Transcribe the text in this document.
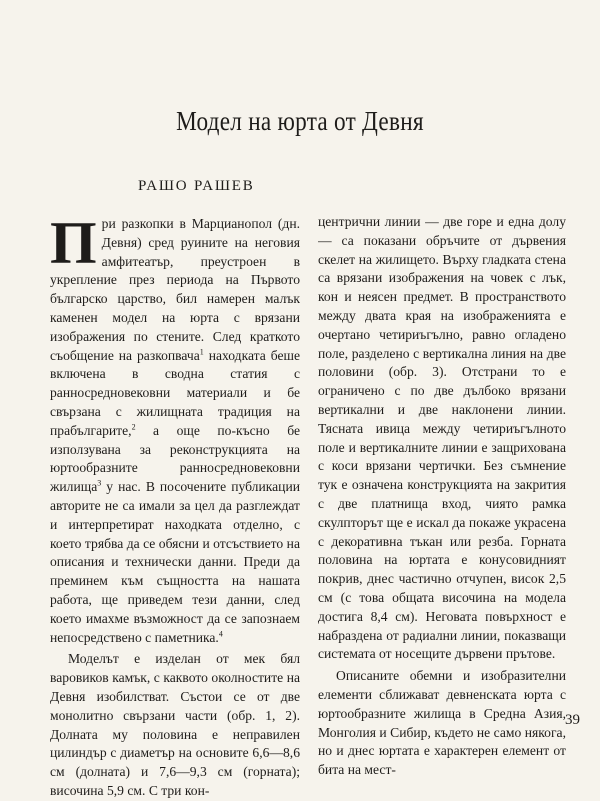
Модел на юрта от Девня
РАШО РАШЕВ

При разкопки в Марцианопол (дн. Девня) сред руините на неговия амфитеатър, преустроен в укрепление през периода на Първото българско царство, бил намерен малък каменен модел на юрта с врязани изображения по стените. След краткото съобщение на разкопвача$^1$ находката беше включена в сводна статия с ранносредновековни материали и бе свързана с жилищната традиция на прабългарите,$^2$ а още по-късно бе използувана за реконструкцията на юртообразните ранносредновековни жилища$^3$ у нас. В посочените публикации авторите не са имали за цел да разглеждат и интерпретират находката отделно, с което трябва да се обясни и отсъствието на описания и технически данни. Преди да преминем към същността на нашата работа, ще приведем тези данни, след което имахме възможност да се запознаем непосредствено с паметника.$^4$

Моделът е изделан от мек бял варовиков камък, с каквото околностите на Девня изобилстват. Състои се от две монолитно свързани части (обр. 1, 2). Долната му половина е неправилен цилиндър с диаметър на основите 6,6—8,6 см (долната) и 7,6—9,3 см (горната); височина 5,9 см. С три кон-

центрични линии — две горе и една долу — са показани обръчите от дървения скелет на жилището. Върху гладката стена са врязани изображения на човек с лък, кон и неясен предмет. В пространството между двата края на изображенията е очертано четириъгълно, равно огладено поле, разделено с вертикална линия на две половини (обр. 3). Отстрани то е ограничено с по две дълбоко врязани вертикални и две наклонени линии. Тясната ивица между четириъгълното поле и вертикалните линии е защрихована с коси врязани чертички. Без съмнение тук е означена конструкцията на закрития с две платнища вход, чиято рамка скулпторът ще е искал да покаже украсена с декоративна тъкан или резба. Горната половина на юртата е конусовидният покрив, днес частично отчупен, висок 2,5 см (с това общата височина на модела достига 8,4 см). Неговата повърхност е набраздена от радиални линии, показващи системата от носещите дървени прътове.

Описаните обемни и изобразителни елементи сближават девненската юрта с юртообразните жилища в Средна Азия, Монголия и Сибир, където не само някога, но и днес юртата е характерен елемент от бита на мест-

39
